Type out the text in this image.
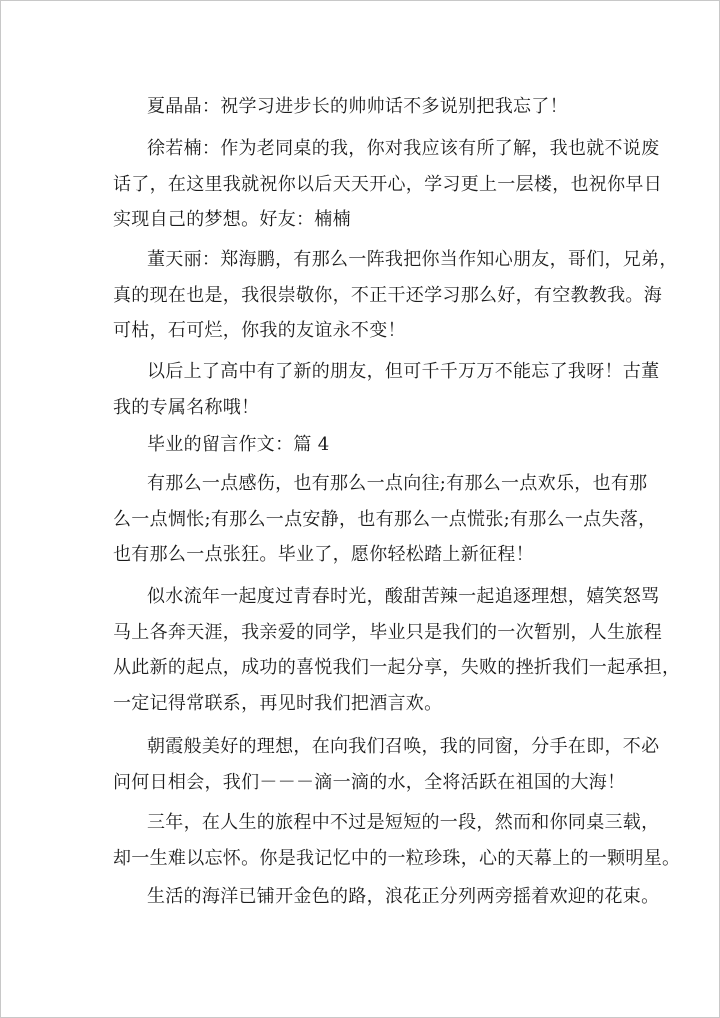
夏晶晶：祝学习进步长的帅帅话不多说别把我忘了！

徐若楠：作为老同桌的我，你对我应该有所了解，我也就不说废
话了，在这里我就祝你以后天天开心，学习更上一层楼，也祝你早日
实现自己的梦想。好友：楠楠

董天丽：郑海鹏，有那么一阵我把你当作知心朋友，哥们，兄弟，
真的现在也是，我很崇敬你，不正干还学习那么好，有空教教我。海
可枯，石可烂，你我的友谊永不变！

以后上了高中有了新的朋友，但可千千万万不能忘了我呀！古董
我的专属名称哦！

毕业的留言作文：篇 4

有那么一点感伤，也有那么一点向往;有那么一点欢乐，也有那
么一点惆怅;有那么一点安静，也有那么一点慌张;有那么一点失落，
也有那么一点张狂。毕业了，愿你轻松踏上新征程！

似水流年一起度过青春时光，酸甜苦辣一起追逐理想，嬉笑怒骂
马上各奔天涯，我亲爱的同学，毕业只是我们的一次暂别，人生旅程
从此新的起点，成功的喜悦我们一起分享，失败的挫折我们一起承担，
一定记得常联系，再见时我们把酒言欢。

朝霞般美好的理想，在向我们召唤，我的同窗，分手在即，不必
问何日相会，我们－－－滴一滴的水，全将活跃在祖国的大海！

三年，在人生的旅程中不过是短短的一段，然而和你同桌三载，
却一生难以忘怀。你是我记忆中的一粒珍珠，心的天幕上的一颗明星。

生活的海洋已铺开金色的路，浪花正分列两旁摇着欢迎的花束。
